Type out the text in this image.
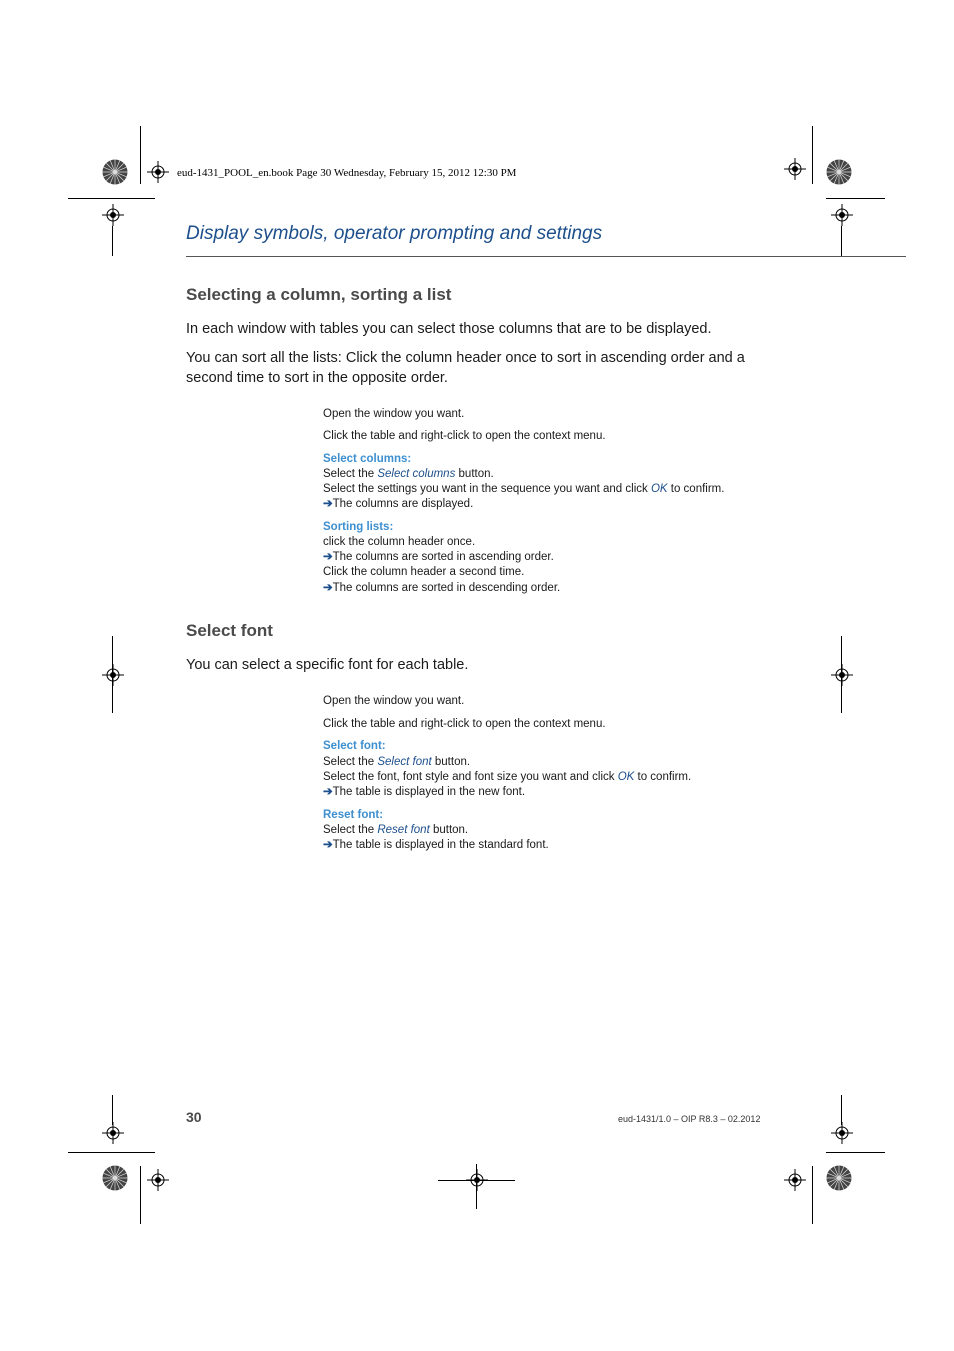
eud-1431_POOL_en.book Page 30 Wednesday, February 15, 2012 12:30 PM
Display symbols, operator prompting and settings
Selecting a column, sorting a list
In each window with tables you can select those columns that are to be displayed.
You can sort all the lists: Click the column header once to sort in ascending order and a second time to sort in the opposite order.
Open the window you want.
Click the table and right-click to open the context menu.
Select columns:
Select the Select columns button.
Select the settings you want in the sequence you want and click OK to confirm.
➔The columns are displayed.
Sorting lists:
click the column header once.
➔The columns are sorted in ascending order.
Click the column header a second time.
➔The columns are sorted in descending order.
Select font
You can select a specific font for each table.
Open the window you want.
Click the table and right-click to open the context menu.
Select font:
Select the Select font button.
Select the font, font style and font size you want and click OK to confirm.
➔The table is displayed in the new font.
Reset font:
Select the Reset font button.
➔The table is displayed in the standard font.
30	eud-1431/1.0 – OIP R8.3 – 02.2012
